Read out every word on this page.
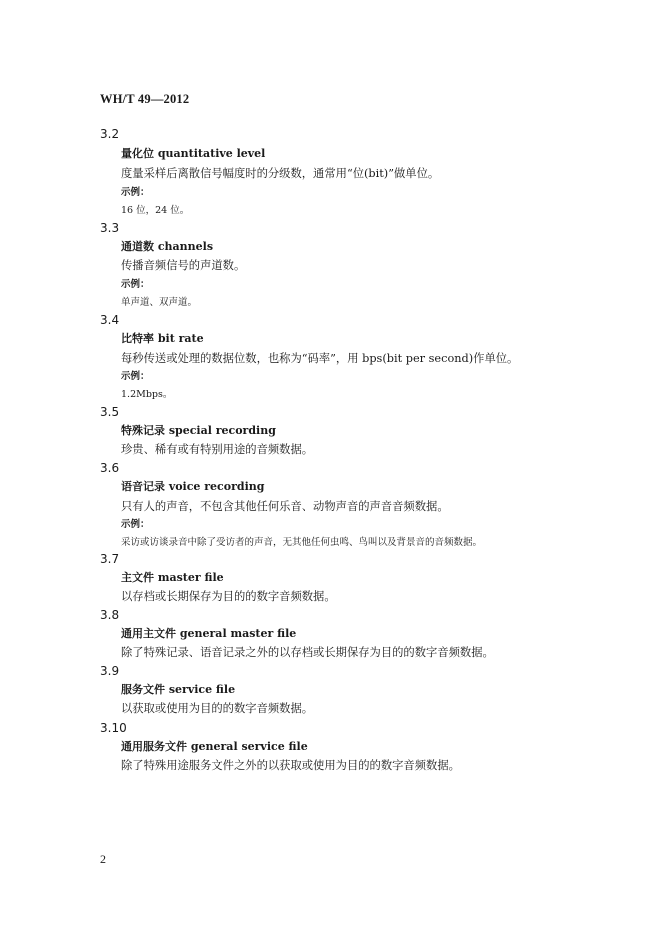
WH/T 49—2012
3.2
量化位 quantitative level
度量采样后离散信号幅度时的分级数，通常用“位(bit)”做单位。
示例：
16 位，24 位。
3.3
通道数 channels
传播音频信号的声道数。
示例：
单声道、双声道。
3.4
比特率 bit rate
每秒传送或处理的数据位数，也称为“码率”，用 bps(bit per second)作单位。
示例：
1.2Mbps。
3.5
特殊记录 special recording
珍贵、稀有或有特别用途的音频数据。
3.6
语音记录 voice recording
只有人的声音，不包含其他任何乐音、动物声音的声音音频数据。
示例：
采访或访谈录音中除了受访者的声音，无其他任何虫鸣、鸟叫以及背景音的音频数据。
3.7
主文件 master file
以存档或长期保存为目的的数字音频数据。
3.8
通用主文件 general master file
除了特殊记录、语音记录之外的以存档或长期保存为目的的数字音频数据。
3.9
服务文件 service file
以获取或使用为目的的数字音频数据。
3.10
通用服务文件 general service file
除了特殊用途服务文件之外的以获取或使用为目的的数字音频数据。
2
